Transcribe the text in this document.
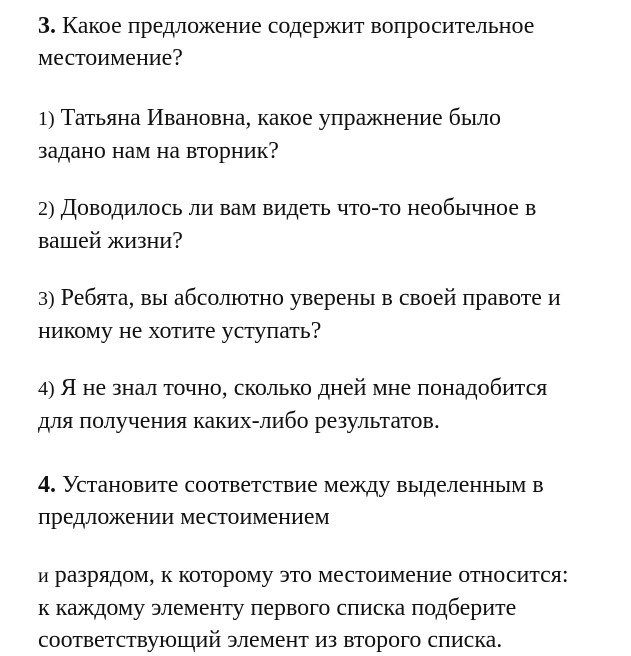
3. Какое предложение содержит вопросительное
местоимение?
1) Татьяна Ивановна, какое упражнение было
задано нам на вторник?
2) Доводилось ли вам видеть что-то необычное в
вашей жизни?
3) Ребята, вы абсолютно уверены в своей правоте и
никому не хотите уступать?
4) Я не знал точно, сколько дней мне понадобится
для получения каких-либо результатов.
4. Установите соответствие между выделенным в
предложении местоимением
и разрядом, к которому это местоимение относится:
к каждому элементу первого списка подберите
соответствующий элемент из второго списка.
